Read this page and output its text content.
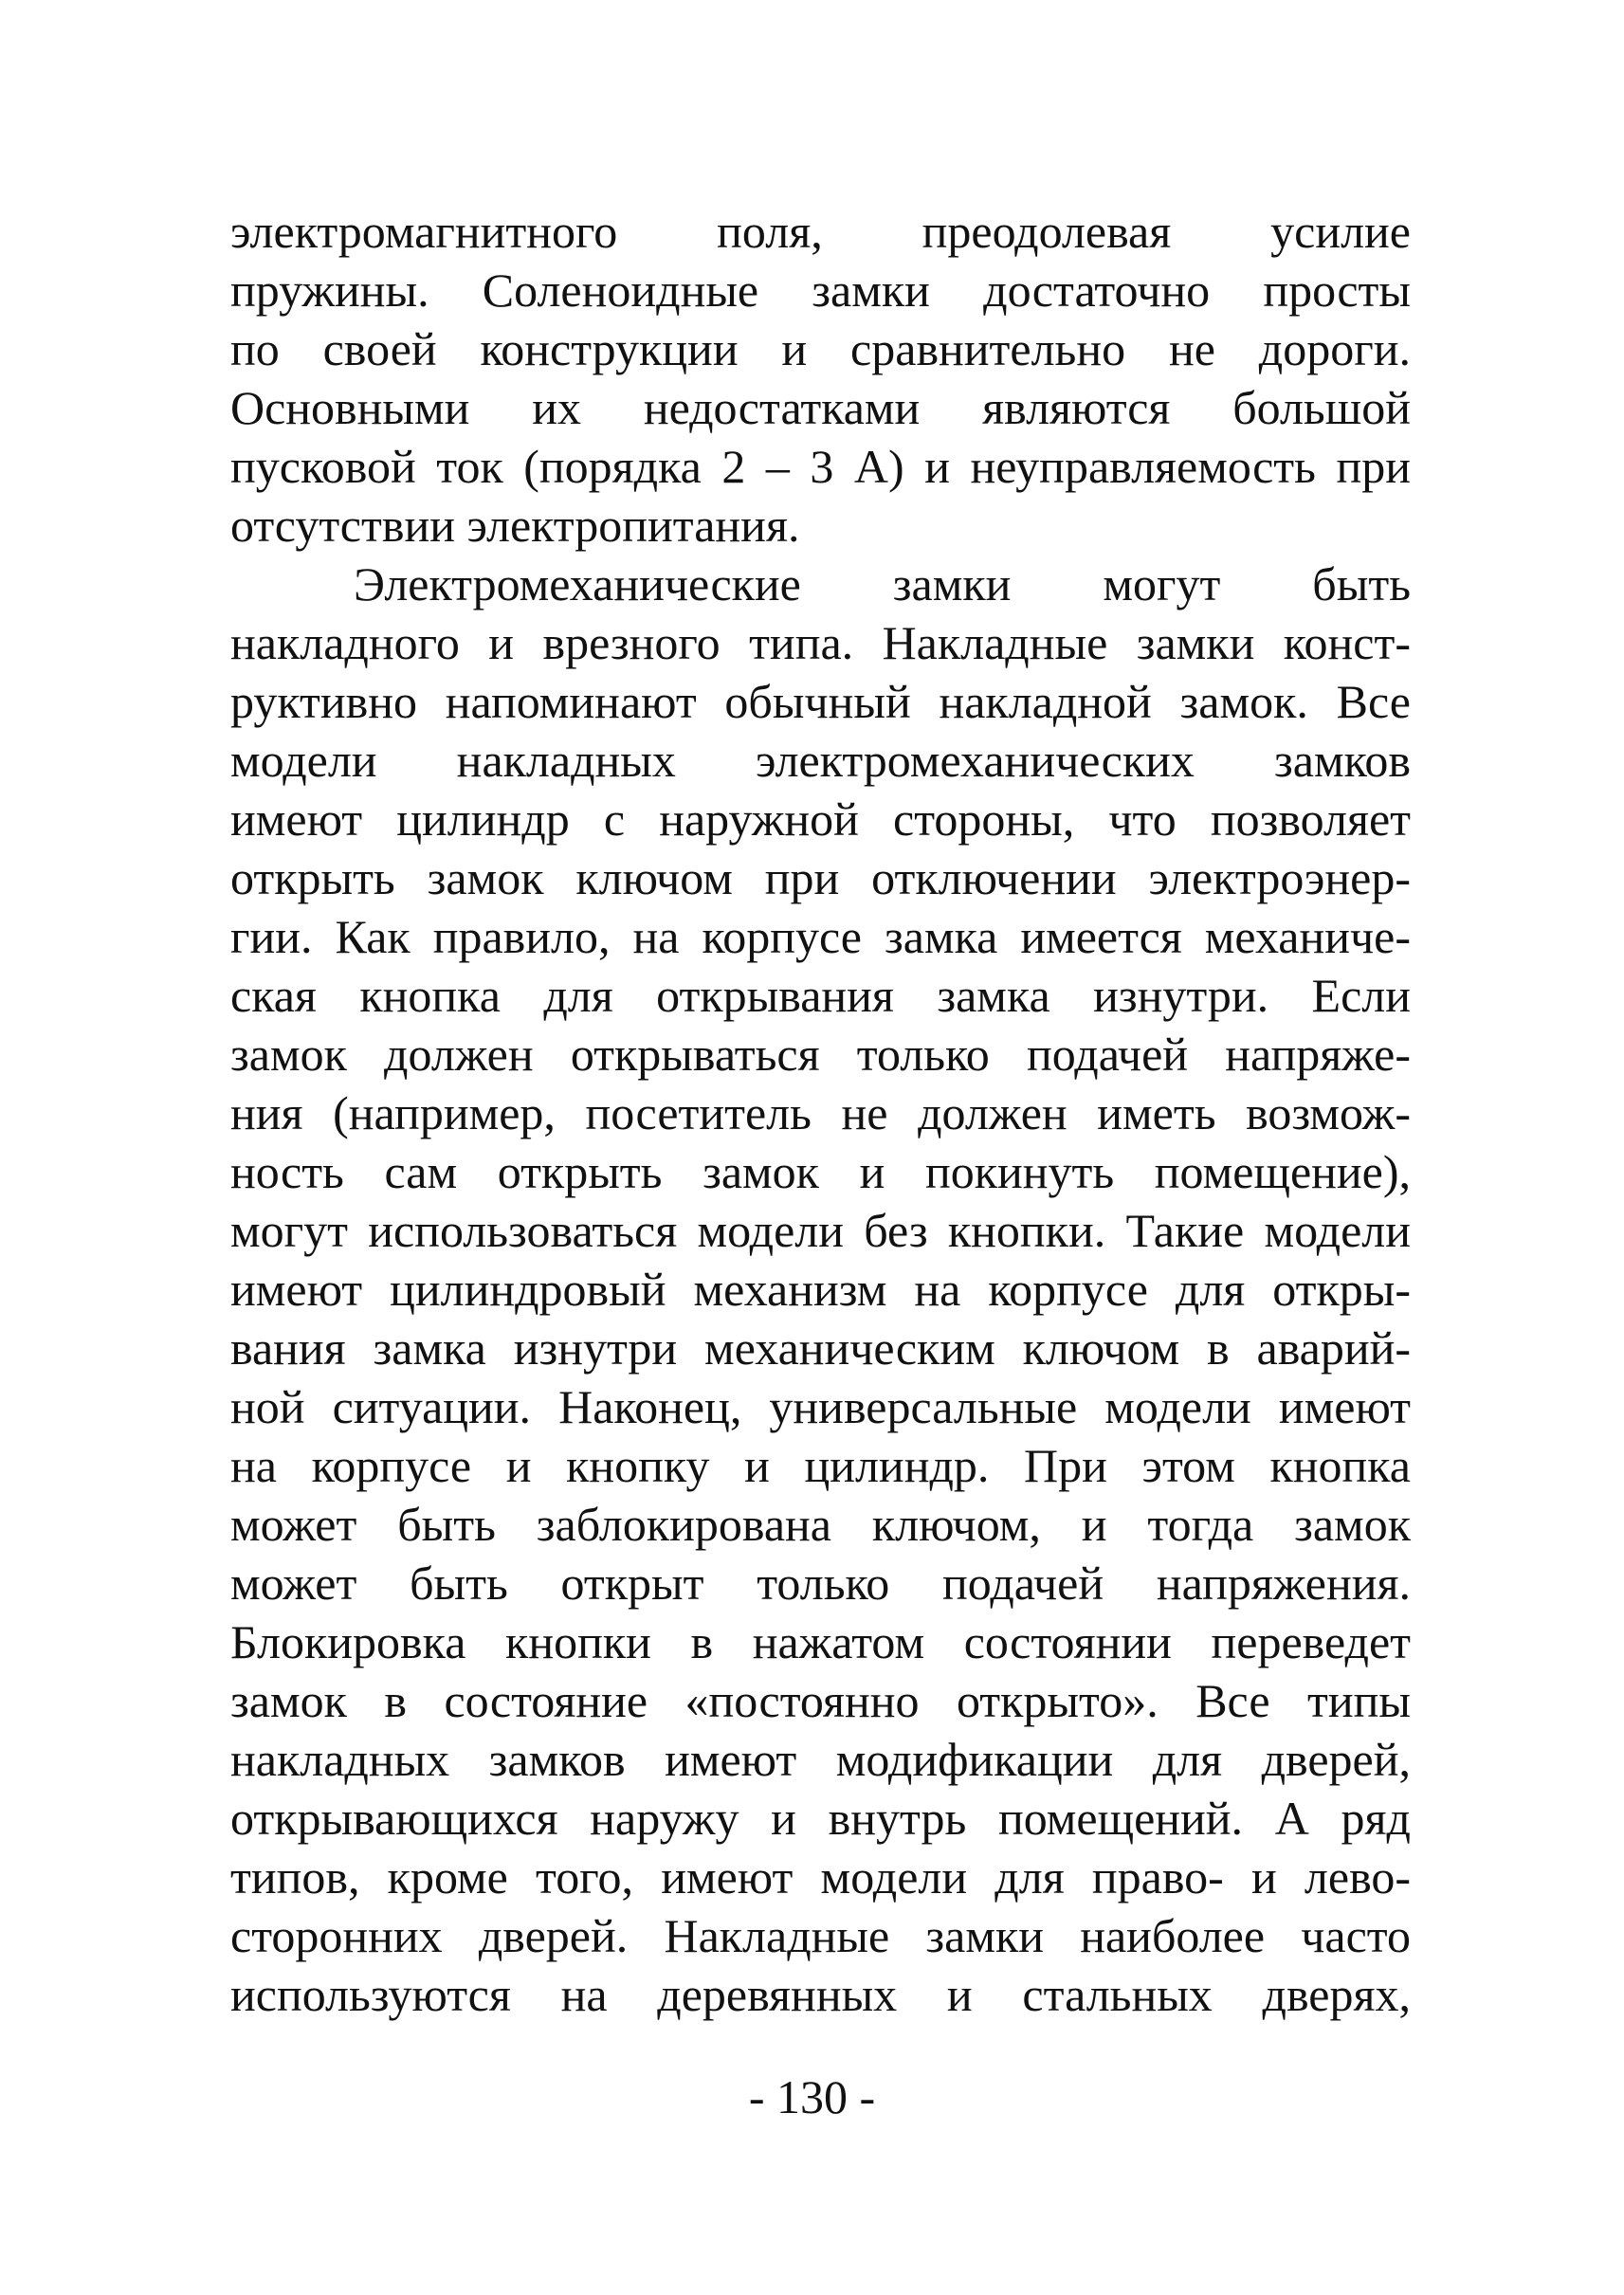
электромагнитного поля, преодолевая усилие
пружины. Соленоидные замки достаточно просты
по своей конструкции и сравнительно не дороги.
Основными их недостатками являются большой
пусковой ток (порядка 2 – 3 А) и неуправляемость при
отсутствии электропитания.
Электромеханические замки могут быть
накладного и врезного типа. Накладные замки конст-
руктивно напоминают обычный накладной замок. Все
модели накладных электромеханических замков
имеют цилиндр с наружной стороны, что позволяет
открыть замок ключом при отключении электроэнер-
гии. Как правило, на корпусе замка имеется механиче-
ская кнопка для открывания замка изнутри. Если
замок должен открываться только подачей напряже-
ния (например, посетитель не должен иметь возмож-
ность сам открыть замок и покинуть помещение),
могут использоваться модели без кнопки. Такие модели
имеют цилиндровый механизм на корпусе для откры-
вания замка изнутри механическим ключом в аварий-
ной ситуации. Наконец, универсальные модели имеют
на корпусе и кнопку и цилиндр. При этом кнопка
может быть заблокирована ключом, и тогда замок
может быть открыт только подачей напряжения.
Блокировка кнопки в нажатом состоянии переведет
замок в состояние «постоянно открыто». Все типы
накладных замков имеют модификации для дверей,
открывающихся наружу и внутрь помещений. А ряд
типов, кроме того, имеют модели для право- и лево-
сторонних дверей. Накладные замки наиболее часто
используются на деревянных и стальных дверях,
- 130 -
